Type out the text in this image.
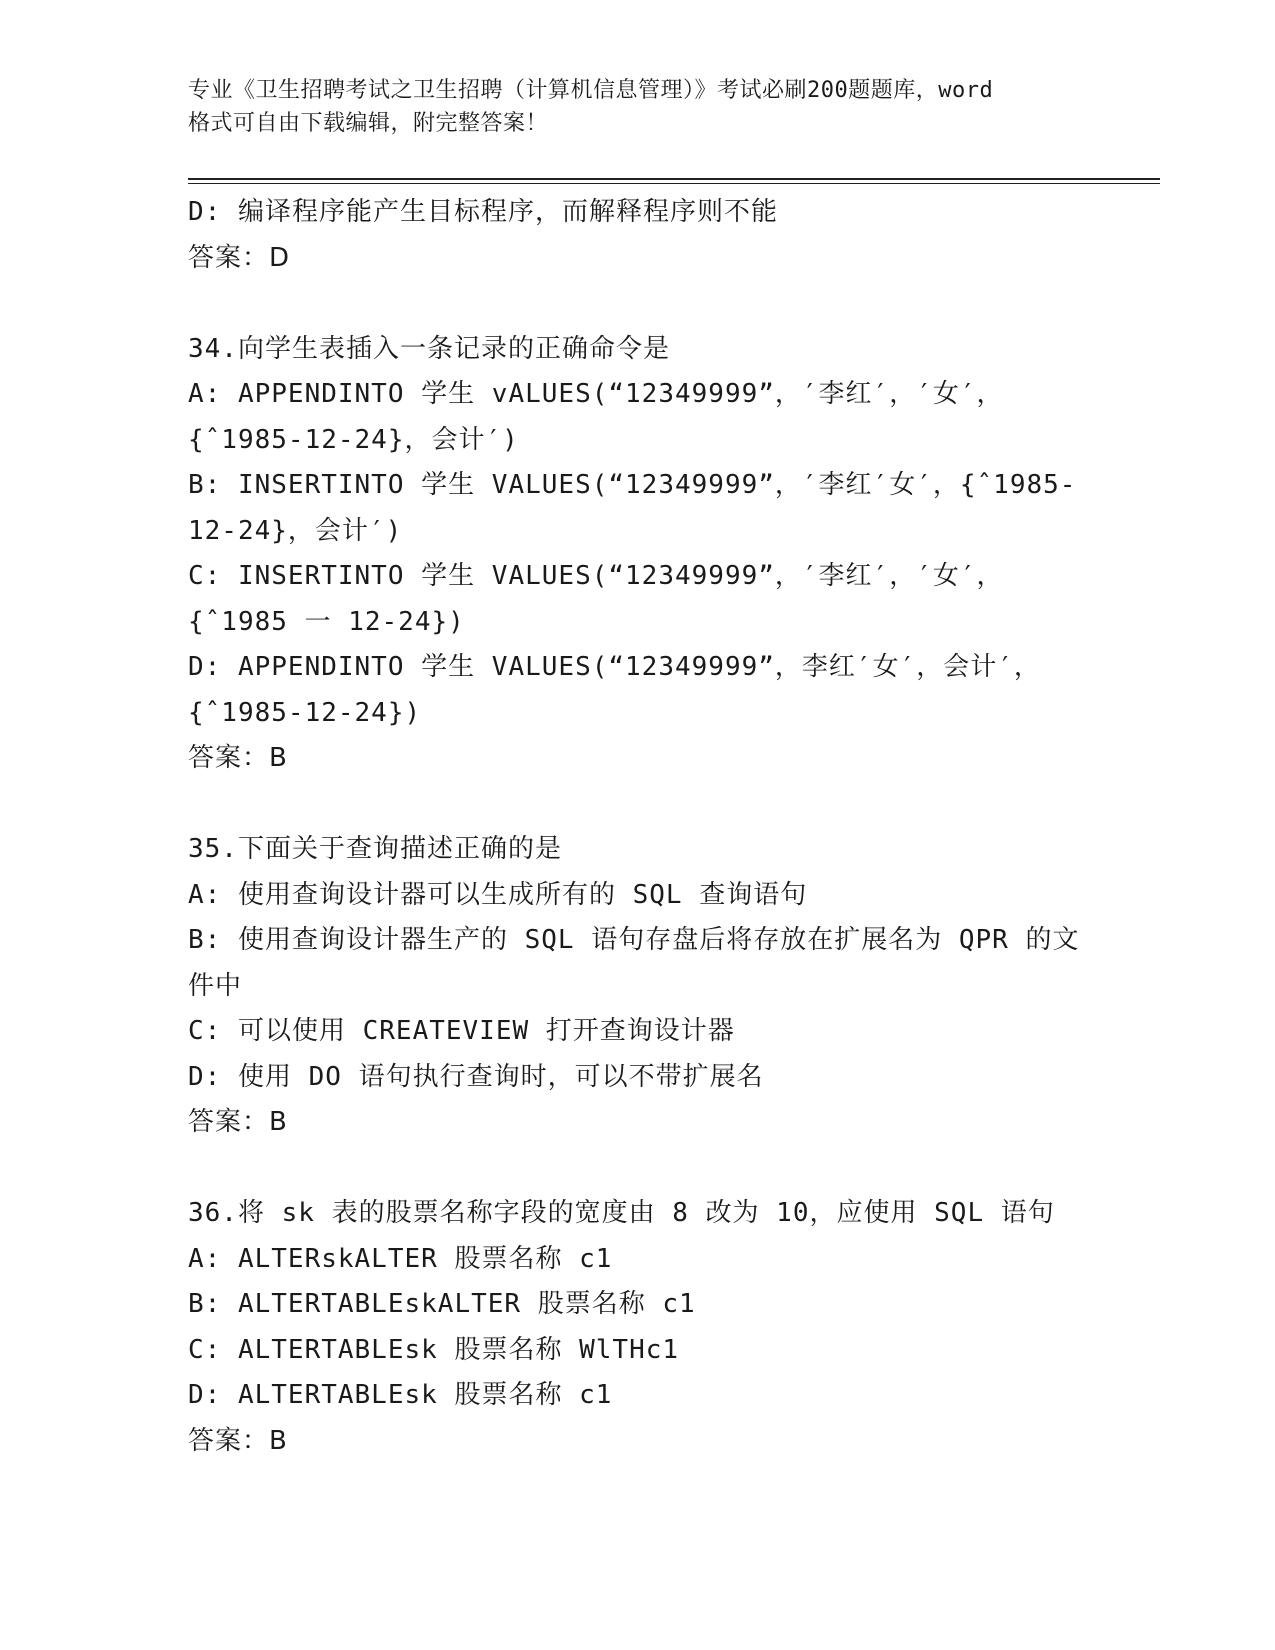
专业《卫生招聘考试之卫生招聘（计算机信息管理）》考试必刷200题题库，word
格式可自由下载编辑，附完整答案！
D: 编译程序能产生目标程序，而解释程序则不能
答案：D
34.向学生表插入一条记录的正确命令是
A: APPENDINTO 学生 vALUES(“12349999”，′李红′，′女′，
{ˆ1985-12-24}，会计′)
B: INSERTINTO 学生 VALUES(“12349999”，′李红′女′，{ˆ1985-
12-24}，会计′)
C: INSERTINTO 学生 VALUES(“12349999”，′李红′，′女′，
{ˆ1985 一 12-24})
D: APPENDINTO 学生 VALUES(“12349999”，李红′女′，会计′，
{ˆ1985-12-24})
答案：B
35.下面关于查询描述正确的是
A: 使用查询设计器可以生成所有的 SQL 查询语句
B: 使用查询设计器生产的 SQL 语句存盘后将存放在扩展名为 QPR 的文
件中
C: 可以使用 CREATEVIEW 打开查询设计器
D: 使用 DO 语句执行查询时，可以不带扩展名
答案：B
36.将 sk 表的股票名称字段的宽度由 8 改为 10，应使用 SQL 语句
A: ALTERskALTER 股票名称 c1
B: ALTERTABLEskALTER 股票名称 c1
C: ALTERTABLEsk 股票名称 WlTHc1
D: ALTERTABLEsk 股票名称 c1
答案：B
